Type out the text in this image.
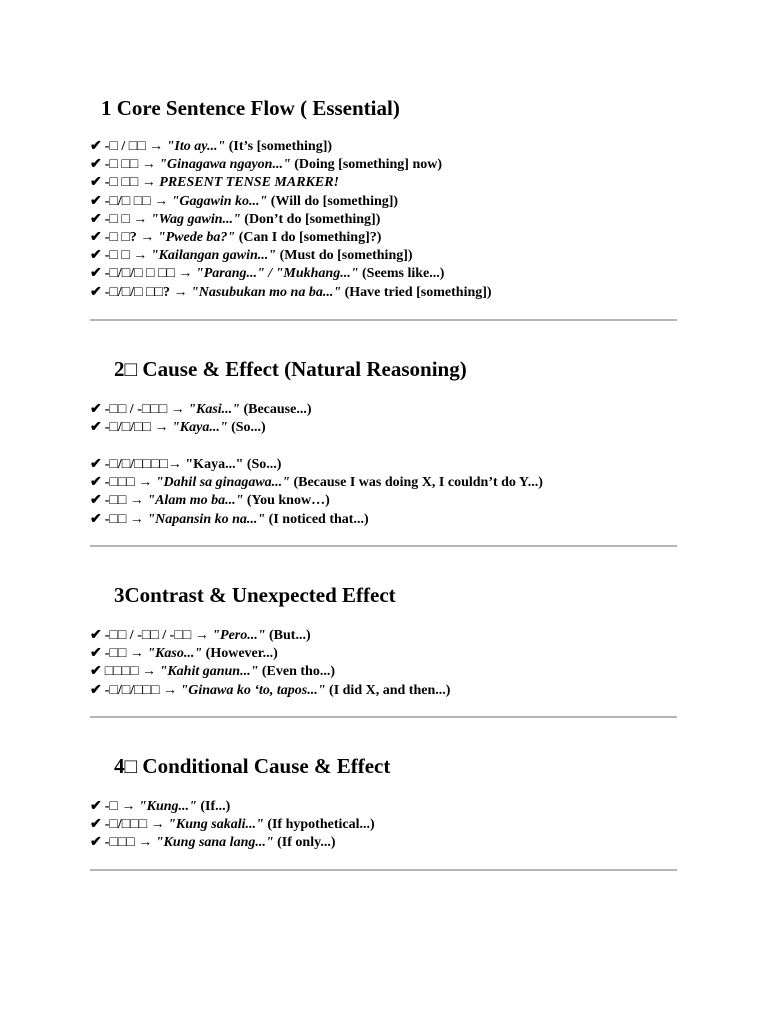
1 Core Sentence Flow ( Essential)
✔ -□ / □□ → "Ito ay..." (It’s [something])
✔ -□ □□ → "Ginagawa ngayon..." (Doing [something] now)
✔ -□ □□ → PRESENT TENSE MARKER!
✔ -□/□ □□ → "Gagawin ko..." (Will do [something])
✔ -□ □ → "Wag gawin..." (Don’t do [something])
✔ -□ □? → "Pwede ba?" (Can I do [something]?)
✔ -□ □ → "Kailangan gawin..." (Must do [something])
✔ -□/□/□ □ □□ → "Parang..." / "Mukhang..." (Seems like...)
✔ -□/□/□ □□? → "Nasubukan mo na ba..." (Have tried [something])
2□ Cause & Effect (Natural Reasoning)
✔ -□□ / -□□□ → "Kasi..." (Because...)
✔ -□/□/□□ → "Kaya..." (So...)
✔ -□/□/□□□□→ "Kaya..." (So...)
✔ -□□□ → "Dahil sa ginagawa..." (Because I was doing X, I couldn’t do Y...)
✔ -□□ → "Alam mo ba..." (You know…)
✔ -□□ → "Napansin ko na..." (I noticed that...)
3Contrast & Unexpected Effect
✔ -□□ / -□□ / -□□ → "Pero..." (But...)
✔ -□□ → "Kaso..." (However...)
✔ □□□□ → "Kahit ganun..." (Even tho...)
✔ -□/□/□□□ → "Ginawa ko ‘to, tapos..." (I did X, and then...)
4□ Conditional Cause & Effect
✔ -□ → "Kung..." (If...)
✔ -□/□□□ → "Kung sakali..." (If hypothetical...)
✔ -□□□ → "Kung sana lang..." (If only...)
